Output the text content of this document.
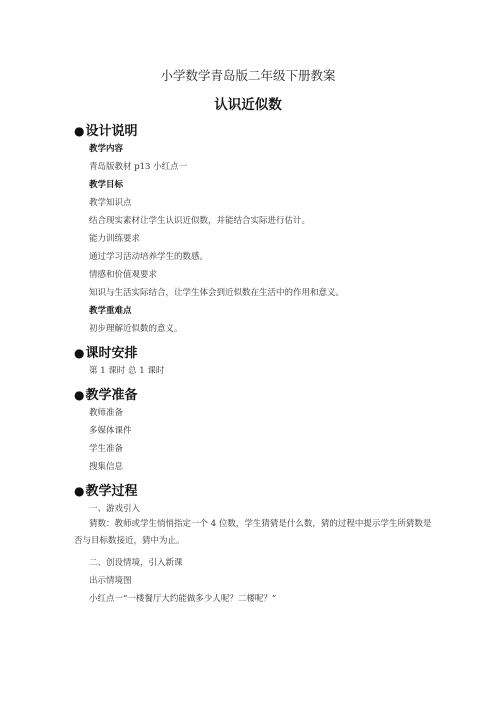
小学数学青岛版二年级下册教案
认识近似数
●设计说明
教学内容
青岛版教材 p13 小红点一
教学目标
教学知识点
结合现实素材让学生认识近似数，并能结合实际进行估计。
能力训练要求
通过学习活动培养学生的数感。
情感和价值观要求
知识与生活实际结合，让学生体会到近似数在生活中的作用和意义。
教学重难点
初步理解近似数的意义。
●课时安排
第 1 课时 总 1 课时
●教学准备
教师准备
多媒体课件
学生准备
搜集信息
●教学过程
一、游戏引入
猜数：教师或学生悄悄指定一个 4 位数，学生猜猜是什么数，猜的过程中提示学生所猜数是否与目标数接近，猜中为止。
二、创设情境，引入新课
出示情境图
小红点一“一楼餐厅大约能做多少人呢？二楼呢？”
